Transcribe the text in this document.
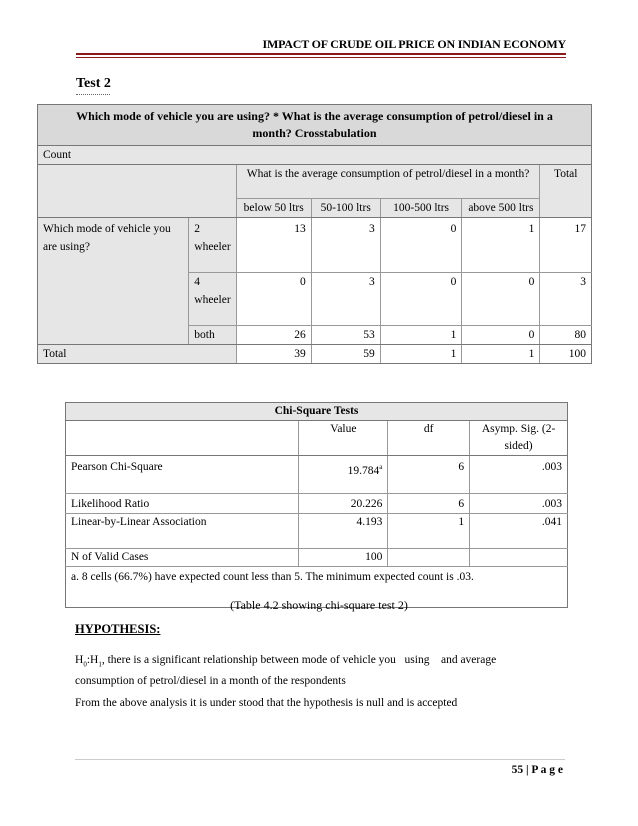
IMPACT OF CRUDE OIL PRICE ON INDIAN ECONOMY
Test 2
Which mode of vehicle you are using? * What is the average consumption of petrol/diesel in a
month? Crosstabulation						
Count						
		What is the average consumption of petrol/diesel in a month?				Total
		below 50 ltrs	50-100 ltrs	100-500 ltrs	above 500 ltrs	
Which mode of vehicle you are using?	2 wheeler	13	3	0	1	17
	4 wheeler	0	3	0	0	3
	both	26	53	1	0	80
Total		39	59	1	1	100
Chi-Square Tests			
	Value	df	Asymp. Sig. (2-sided)
Pearson Chi-Square	19.784$^a$	6	.003
Likelihood Ratio	20.226	6	.003
Linear-by-Linear Association	4.193	1	.041
N of Valid Cases	100		
a. 8 cells (66.7%) have expected count less than 5. The minimum expected count is .03.			
(Table 4.2 showing chi-square test 2)
HYPOTHESIS:
$H_0:H_1$, there is a significant relationship between mode of vehicle you   using    and average
consumption of petrol/diesel in a month of the respondents
From the above analysis it is under stood that the hypothesis is null and is accepted
55 | P a g e
